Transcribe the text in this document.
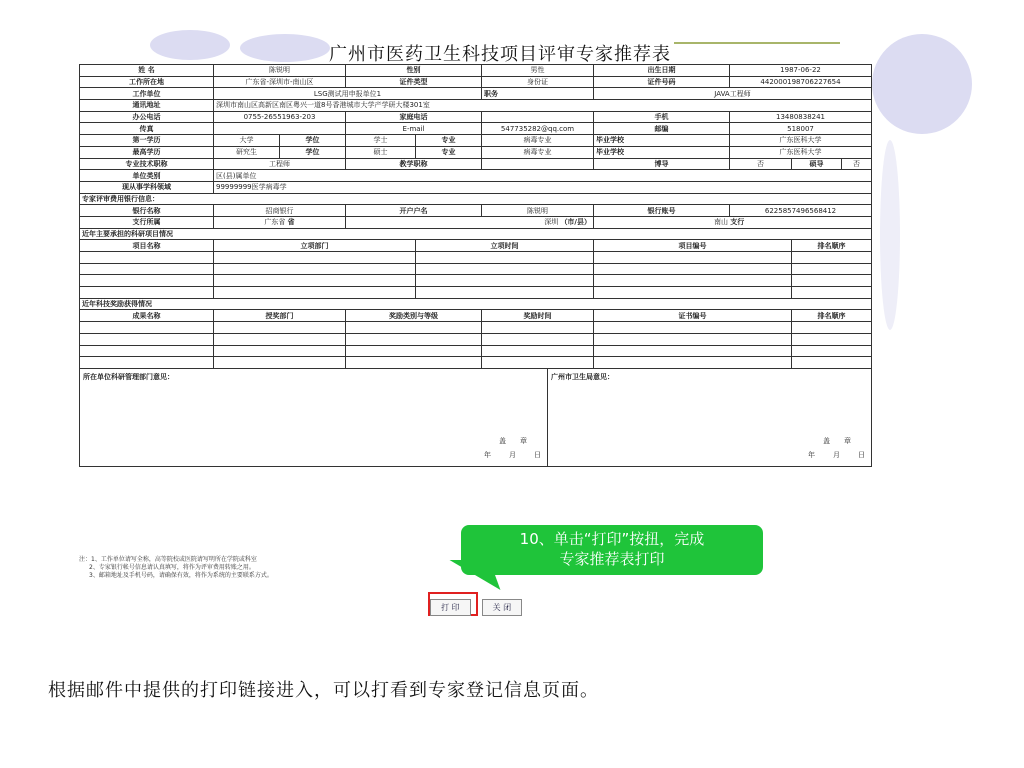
广州市医药卫生科技项目评审专家推荐表
姓 名	陈锐明		性别		男性		出生日期	1987-06-22		
工作所在地	广东省-深圳市-南山区		证件类型		身份证		证件号码	442000198706227654		
工作单位	LSG测试用申报单位1				职务		JAVA工程师			
通讯地址	深圳市南山区高新区南区粤兴一道8号香港城市大学产学研大楼301室									
办公电话	0755-26551963-203		家庭电话				手机	13480838241		
传真			E-mail		547735282@qq.com		邮编	518007		
第一学历	大学	学位	学士	专业	病毒专业		毕业学校	广东医科大学		
最高学历	研究生	学位	硕士	专业	病毒专业		毕业学校	广东医科大学		
专业技术职称	工程师		教学职称				博导	否	硕导	否
单位类别	区(县)属单位									
现从事学科领域	99999999医学病毒学									
专家评审费用银行信息：										
银行名称	招商银行		开户户名		陈锐明		银行账号	6225857496568412		
支行所属	广东省 省		深圳 （市/县）				南山 支行			
近年主要承担的科研项目情况										
项目名称	立项部门			立项时间			项目编号		排名顺序	

近年科技奖励获得情况										
成果名称	授奖部门		奖励类别与等级		奖励时间		证书编号		排名顺序	

所在单位科研管理部门意见：
盖章
年 月 日						广州市卫生局意见：
盖章
年 月 日				
注：1、工作单位请写全称，高等院校或医院请写明所在学院或科室
2、专家银行帐号信息请认真填写，将作为评审费用转账之用。
3、邮箱地址及手机号码，请确保有效，将作为系统的主要联系方式。
打 印	关 闭
10、单击“打印”按扭，完成
专家推荐表打印
根据邮件中提供的打印链接进入，可以打看到专家登记信息页面。
